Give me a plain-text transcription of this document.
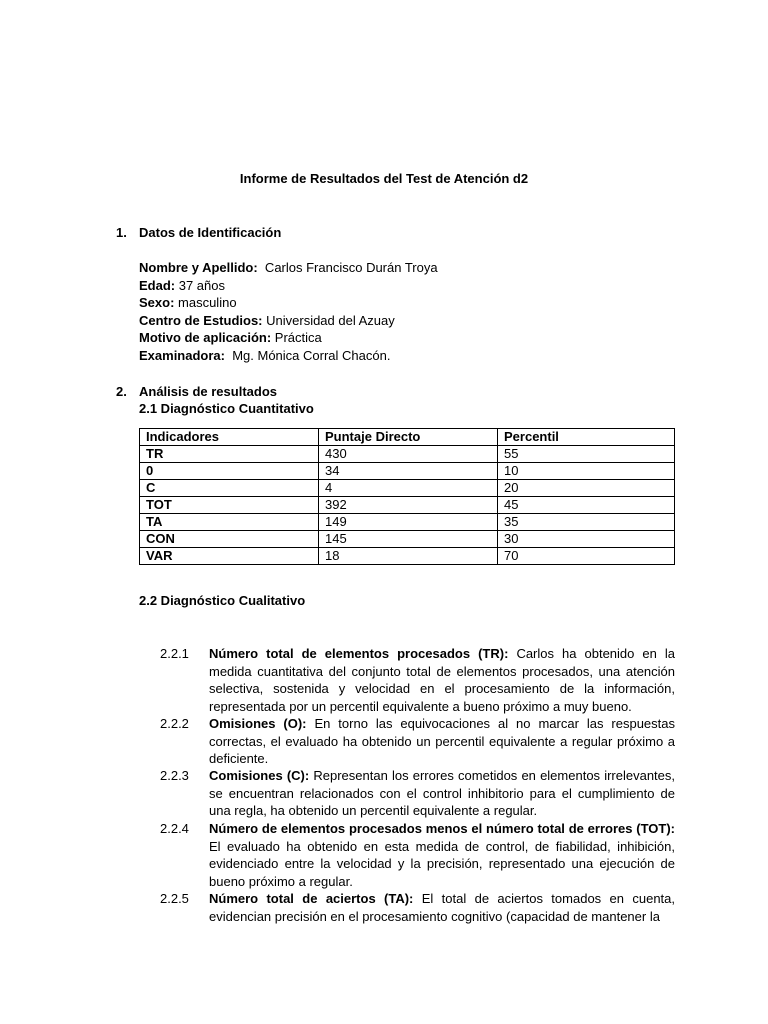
Informe de Resultados del Test de Atención d2
1. Datos de Identificación
Nombre y Apellido:  Carlos Francisco Durán Troya
Edad: 37 años
Sexo: masculino
Centro de Estudios: Universidad del Azuay
Motivo de aplicación: Práctica
Examinadora:  Mg. Mónica Corral Chacón.
2. Análisis de resultados
2.1 Diagnóstico Cuantitativo
Indicadores	Puntaje Directo	Percentil
TR	430	55
0	34	10
C	4	20
TOT	392	45
TA	149	35
CON	145	30
VAR	18	70
2.2 Diagnóstico Cualitativo
2.2.1	Número total de elementos procesados (TR): Carlos ha obtenido en la medida cuantitativa del conjunto total de elementos procesados, una atención selectiva, sostenida y velocidad en el procesamiento de la información, representada por un percentil equivalente a bueno próximo a muy bueno.
2.2.2	Omisiones (O): En torno las equivocaciones al no marcar las respuestas correctas, el evaluado ha obtenido un percentil equivalente a regular próximo a deficiente.
2.2.3	Comisiones (C): Representan los errores cometidos en elementos irrelevantes, se encuentran relacionados con el control inhibitorio para el cumplimiento de una regla, ha obtenido un percentil equivalente a regular.
2.2.4	Número de elementos procesados menos el número total de errores (TOT): El evaluado ha obtenido en esta medida de control, de fiabilidad, inhibición, evidenciado entre la velocidad y la precisión, representado una ejecución de bueno próximo a regular.
2.2.5	Número total de aciertos (TA): El total de aciertos tomados en cuenta, evidencian precisión en el procesamiento cognitivo (capacidad de mantener la
